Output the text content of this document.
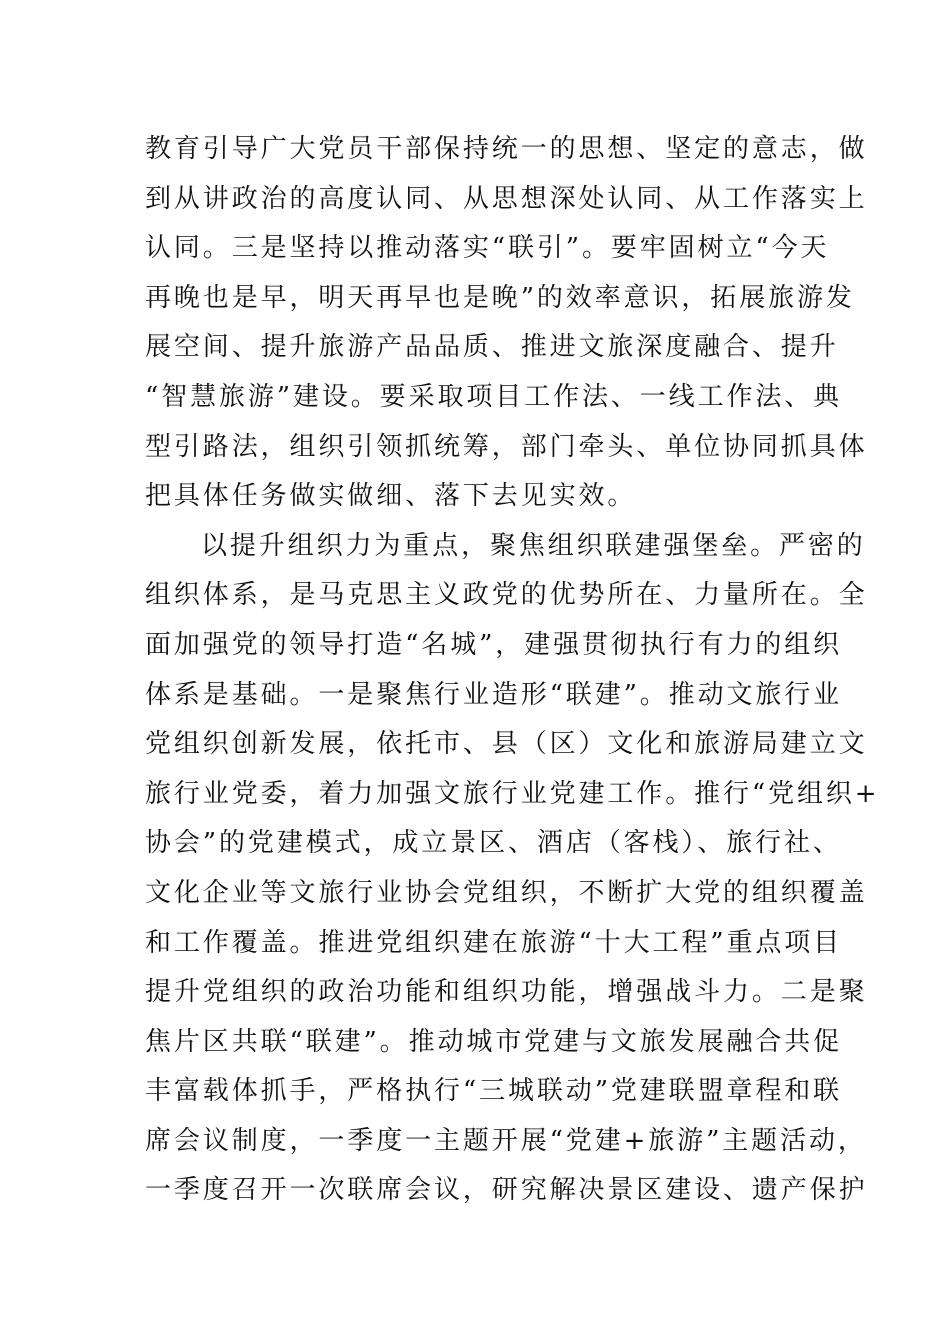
教育引导广大党员干部保持统一的思想、坚定的意志，做
到从讲政治的高度认同、从思想深处认同、从工作落实上
认同。三是坚持以推动落实“联引”。要牢固树立“今天
再晚也是早，明天再早也是晚”的效率意识，拓展旅游发
展空间、提升旅游产品品质、推进文旅深度融合、提升
“智慧旅游”建设。要采取项目工作法、一线工作法、典
型引路法，组织引领抓统筹，部门牵头、单位协同抓具体
把具体任务做实做细、落下去见实效。
以提升组织力为重点，聚焦组织联建强堡垒。严密的
组织体系，是马克思主义政党的优势所在、力量所在。全
面加强党的领导打造“名城”，建强贯彻执行有力的组织
体系是基础。一是聚焦行业造形“联建”。推动文旅行业
党组织创新发展，依托市、县（区）文化和旅游局建立文
旅行业党委，着力加强文旅行业党建工作。推行“党组织+
协会”的党建模式，成立景区、酒店（客栈）、旅行社、
文化企业等文旅行业协会党组织，不断扩大党的组织覆盖
和工作覆盖。推进党组织建在旅游“十大工程”重点项目
提升党组织的政治功能和组织功能，增强战斗力。二是聚
焦片区共联“联建”。推动城市党建与文旅发展融合共促
丰富载体抓手，严格执行“三城联动”党建联盟章程和联
席会议制度，一季度一主题开展“党建+旅游”主题活动，
一季度召开一次联席会议，研究解决景区建设、遗产保护
